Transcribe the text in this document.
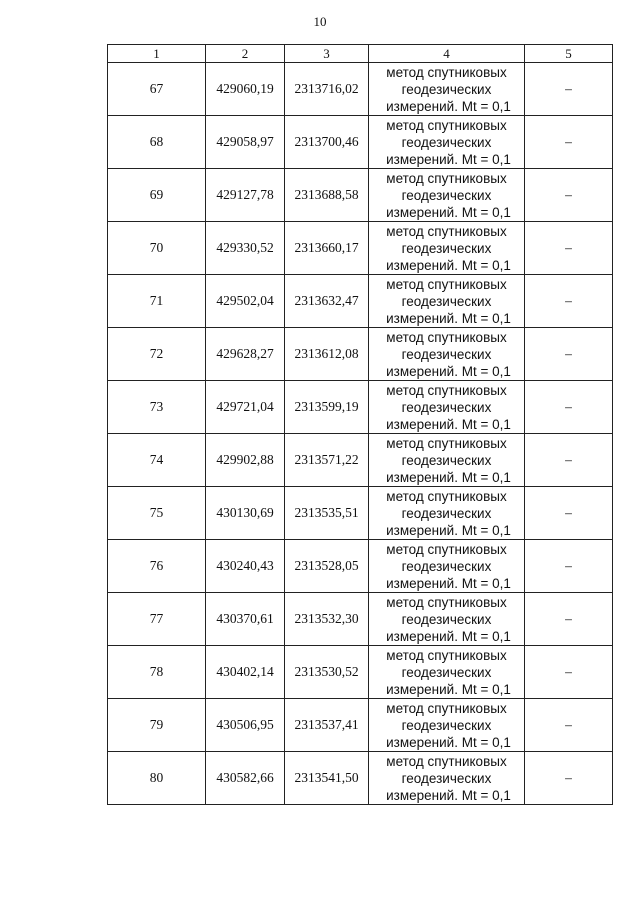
10
1	2	3	4	5
67	429060,19	2313716,02	метод спутниковых
геодезических
измерений. Mt = 0,1	–
68	429058,97	2313700,46	метод спутниковых
геодезических
измерений. Mt = 0,1	–
69	429127,78	2313688,58	метод спутниковых
геодезических
измерений. Mt = 0,1	–
70	429330,52	2313660,17	метод спутниковых
геодезических
измерений. Mt = 0,1	–
71	429502,04	2313632,47	метод спутниковых
геодезических
измерений. Mt = 0,1	–
72	429628,27	2313612,08	метод спутниковых
геодезических
измерений. Mt = 0,1	–
73	429721,04	2313599,19	метод спутниковых
геодезических
измерений. Mt = 0,1	–
74	429902,88	2313571,22	метод спутниковых
геодезических
измерений. Mt = 0,1	–
75	430130,69	2313535,51	метод спутниковых
геодезических
измерений. Mt = 0,1	–
76	430240,43	2313528,05	метод спутниковых
геодезических
измерений. Mt = 0,1	–
77	430370,61	2313532,30	метод спутниковых
геодезических
измерений. Mt = 0,1	–
78	430402,14	2313530,52	метод спутниковых
геодезических
измерений. Mt = 0,1	–
79	430506,95	2313537,41	метод спутниковых
геодезических
измерений. Mt = 0,1	–
80	430582,66	2313541,50	метод спутниковых
геодезических
измерений. Mt = 0,1	–
